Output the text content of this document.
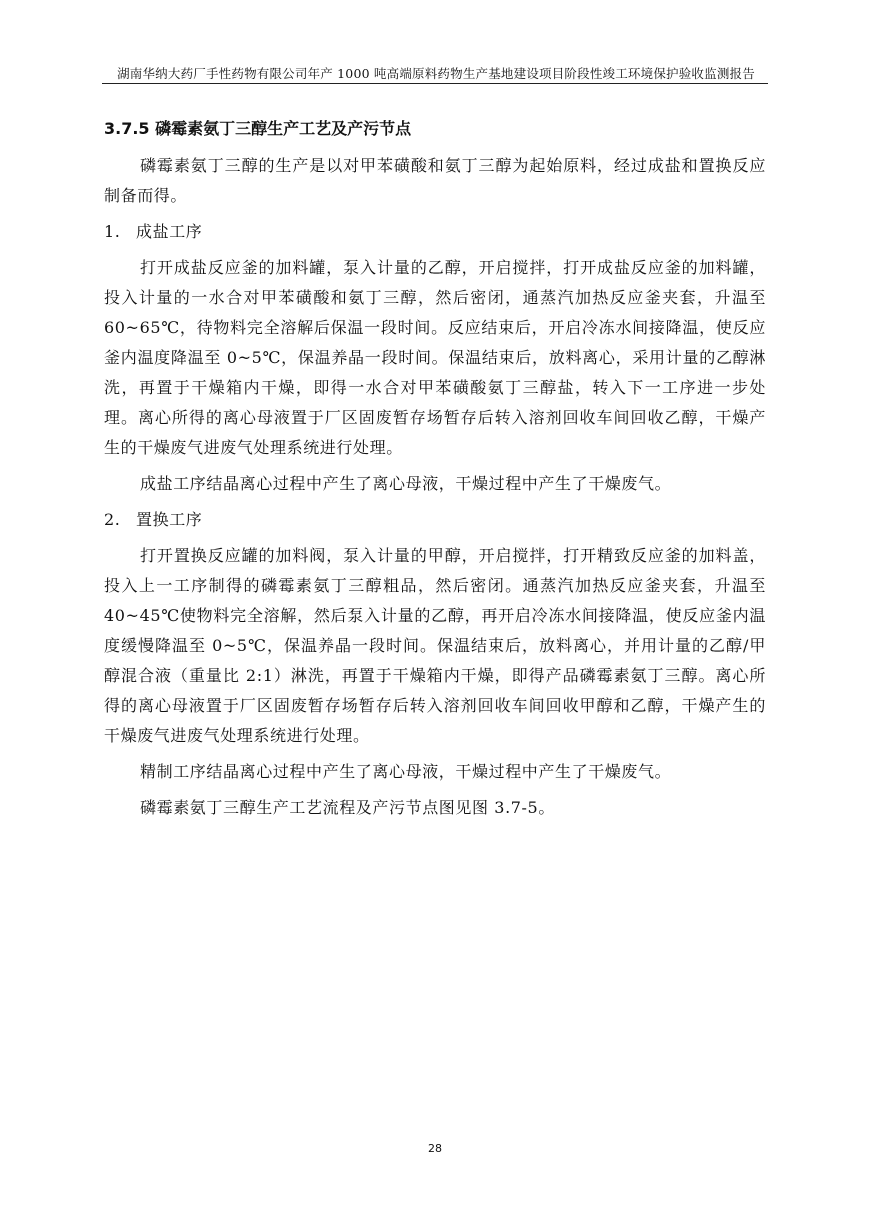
湖南华纳大药厂手性药物有限公司年产 1000 吨高端原料药物生产基地建设项目阶段性竣工环境保护验收监测报告
3.7.5 磷霉素氨丁三醇生产工艺及产污节点

磷霉素氨丁三醇的生产是以对甲苯磺酸和氨丁三醇为起始原料，经过成盐和置换反应制备而得。

1. 成盐工序

打开成盐反应釜的加料罐，泵入计量的乙醇，开启搅拌，打开成盐反应釜的加料罐，投入计量的一水合对甲苯磺酸和氨丁三醇，然后密闭，通蒸汽加热反应釜夹套，升温至60~65℃，待物料完全溶解后保温一段时间。反应结束后，开启冷冻水间接降温，使反应釜内温度降温至 0~5℃，保温养晶一段时间。保温结束后，放料离心，采用计量的乙醇淋洗，再置于干燥箱内干燥，即得一水合对甲苯磺酸氨丁三醇盐，转入下一工序进一步处理。离心所得的离心母液置于厂区固废暂存场暂存后转入溶剂回收车间回收乙醇，干燥产生的干燥废气进废气处理系统进行处理。

成盐工序结晶离心过程中产生了离心母液，干燥过程中产生了干燥废气。

2. 置换工序

打开置换反应罐的加料阀，泵入计量的甲醇，开启搅拌，打开精致反应釜的加料盖，投入上一工序制得的磷霉素氨丁三醇粗品，然后密闭。通蒸汽加热反应釜夹套，升温至40~45℃使物料完全溶解，然后泵入计量的乙醇，再开启冷冻水间接降温，使反应釜内温度缓慢降温至 0~5℃，保温养晶一段时间。保温结束后，放料离心，并用计量的乙醇/甲醇混合液（重量比 2:1）淋洗，再置于干燥箱内干燥，即得产品磷霉素氨丁三醇。离心所得的离心母液置于厂区固废暂存场暂存后转入溶剂回收车间回收甲醇和乙醇，干燥产生的干燥废气进废气处理系统进行处理。

精制工序结晶离心过程中产生了离心母液，干燥过程中产生了干燥废气。

磷霉素氨丁三醇生产工艺流程及产污节点图见图 3.7-5。

28
